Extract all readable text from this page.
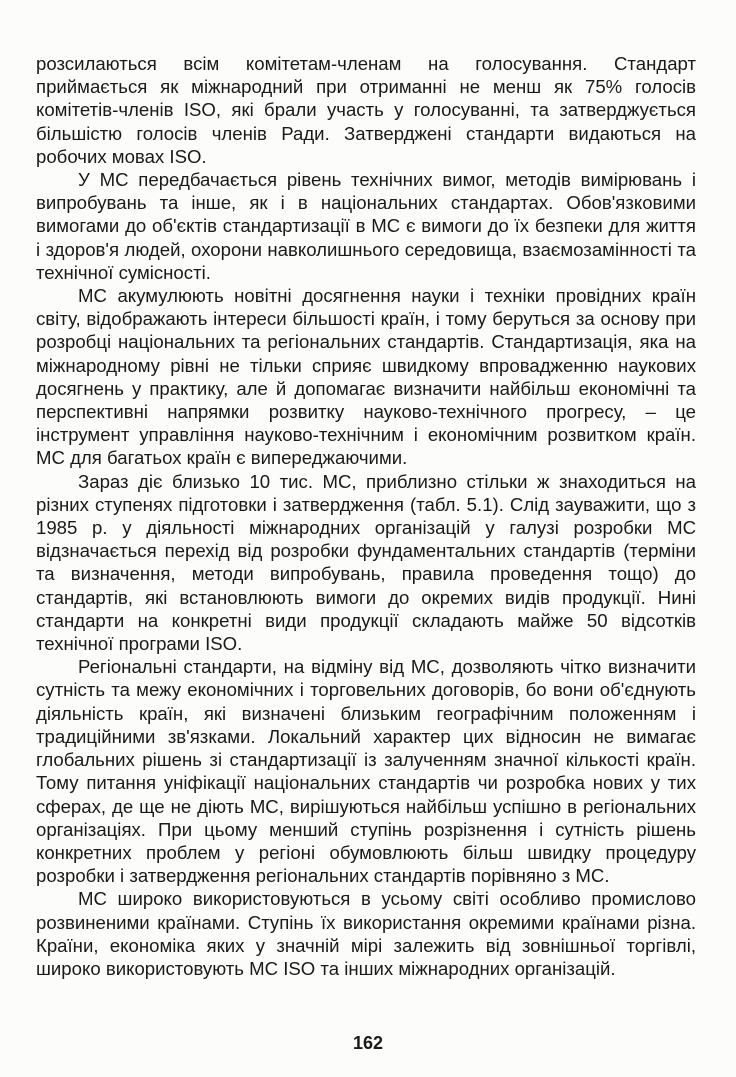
розсилаються всім комітетам-членам на голосування. Стандарт приймається як міжнародний при отриманні не менш як 75% голосів комітетів-членів ISO, які брали участь у голосуванні, та затверджується більшістю голосів членів Ради. Затверджені стандарти видаються на робочих мовах ISO.

У МС передбачається рівень технічних вимог, методів вимірювань і випробувань та інше, як і в національних стандартах. Обов'язковими вимогами до об'єктів стандартизації в МС є вимоги до їх безпеки для життя і здоров'я людей, охорони навколишнього середовища, взаємозамінності та технічної сумісності.

МС акумулюють новітні досягнення науки і техніки провідних країн світу, відображають інтереси більшості країн, і тому беруться за основу при розробці національних та регіональних стандартів. Стандартизація, яка на міжнародному рівні не тільки сприяє швидкому впровадженню наукових досягнень у практику, але й допомагає визначити найбільш економічні та перспективні напрямки розвитку науково-технічного прогресу, – це інструмент управління науково-технічним і економічним розвитком країн. МС для багатьох країн є випереджаючими.

Зараз діє близько 10 тис. МС, приблизно стільки ж знаходиться на різних ступенях підготовки і затвердження (табл. 5.1). Слід зауважити, що з 1985 р. у діяльності міжнародних організацій у галузі розробки МС відзначається перехід від розробки фундаментальних стандартів (терміни та визначення, методи випробувань, правила проведення тощо) до стандартів, які встановлюють вимоги до окремих видів продукції. Нині стандарти на конкретні види продукції складають майже 50 відсотків технічної програми ISO.

Регіональні стандарти, на відміну від МС, дозволяють чітко визначити сутність та межу економічних і торговельних договорів, бо вони об'єднують діяльність країн, які визначені близьким географічним положенням і традиційними зв'язками. Локальний характер цих відносин не вимагає глобальних рішень зі стандартизації із залученням значної кількості країн. Тому питання уніфікації національних стандартів чи розробка нових у тих сферах, де ще не діють МС, вирішуються найбільш успішно в регіональних організаціях. При цьому менший ступінь розрізнення і сутність рішень конкретних проблем у регіоні обумовлюють більш швидку процедуру розробки і затвердження регіональних стандартів порівняно з МС.

МС широко використовуються в усьому світі особливо промислово розвиненими країнами. Ступінь їх використання окремими країнами різна. Країни, економіка яких у значній мірі залежить від зовнішньої торгівлі, широко використовують МС ISO та інших міжнародних організацій.

162
